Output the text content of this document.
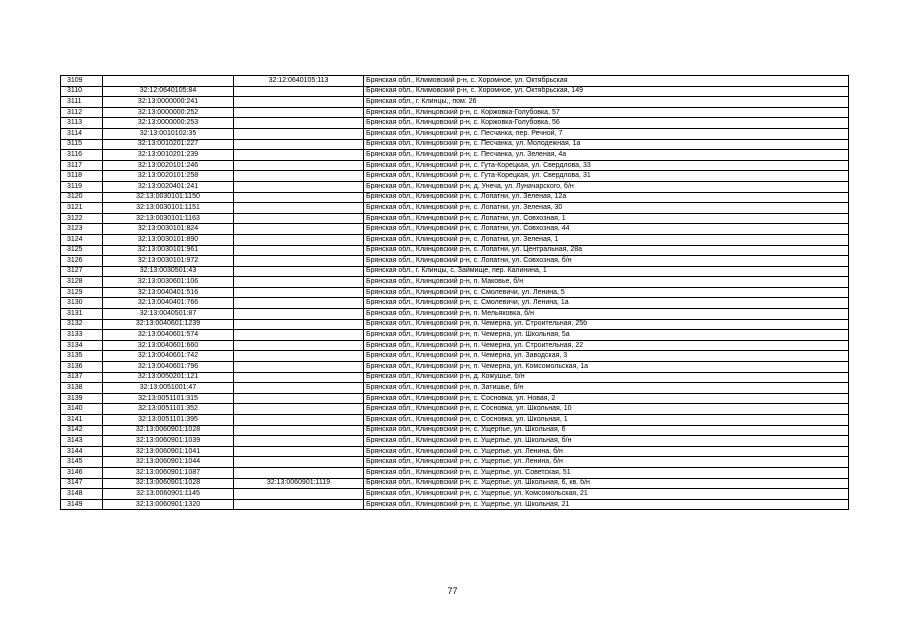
3109		32:12:0640105:113	Брянская обл., Климовский р-н, с. Хоромное, ул. Октябрьская
3110	32:12:0640105:84		Брянская обл., Климовский р-н, с. Хоромное, ул. Октябрьская, 149
3111	32:13:0000000:241		Брянская обл., г. Клинцы,, пом. 26
3112	32:13:0000000:252		Брянская обл., Клинцовский р-н, с. Коржовка-Голубовка, 57
3113	32:13:0000000:253		Брянская обл., Клинцовский р-н, с. Коржовка-Голубовка, 56
3114	32:13:0010102:35		Брянская обл., Клинцовский р-н, с. Песчанка, пер. Речной, 7
3115	32:13:0010201:227		Брянская обл., Клинцовский р-н, с. Песчанка, ул. Молодежная, 1а
3116	32:13:0010201:239		Брянская обл., Клинцовский р-н, с. Песчанка, ул. Зеленая, 4а
3117	32:13:0020101:246		Брянская обл., Клинцовский р-н, с. Гута-Корецкая, ул. Свердлова, 33
3118	32:13:0020101:258		Брянская обл., Клинцовский р-н, с. Гута-Корецкая, ул. Свердлова, 31
3119	32:13:0020401:241		Брянская обл., Клинцовский р-н, д. Унеча, ул. Луначарского, б/н
3120	32:13:0030101:1150		Брянская обл., Клинцовский р-н, с. Лопатни, ул. Зеленая, 12а
3121	32:13:0030101:1151		Брянская обл., Клинцовский р-н, с. Лопатни, ул. Зеленая, 30
3122	32:13:0030101:1163		Брянская обл., Клинцовский р-н, с. Лопатни, ул. Совхозная, 1
3123	32:13:0030101:824		Брянская обл., Клинцовский р-н, с. Лопатни, ул. Совхозная, 44
3124	32:13:0030101:890		Брянская обл., Клинцовский р-н, с. Лопатни, ул. Зеленая, 1
3125	32:13:0030101:961		Брянская обл., Клинцовский р-н, с. Лопатни, ул. Центральная, 28а
3126	32:13:0030101:972		Брянская обл., Клинцовский р-н, с. Лопатни, ул. Совхозная, б/н
3127	32:13:0030501:43		Брянская обл., г. Клинцы, с. Займище, пер. Калинина, 1
3128	32:13:0030601:106		Брянская обл., Клинцовский р-н, п. Маковье, б/н
3129	32:13:0040401:516		Брянская обл., Клинцовский р-н, с. Смолевичи, ул. Ленина, 5
3130	32:13:0040401:766		Брянская обл., Клинцовский р-н, с. Смолевичи, ул. Ленина, 1а
3131	32:13:0040501:87		Брянская обл., Клинцовский р-н, п. Мельяковка, б/н
3132	32:13:0040601:1239		Брянская обл., Клинцовский р-н, п. Чемерна, ул. Строительная, 25б
3133	32:13:0040601:574		Брянская обл., Клинцовский р-н, п. Чемерна, ул. Школьная, 5а
3134	32:13:0040601:660		Брянская обл., Клинцовский р-н, п. Чемерна, ул. Строительная, 22
3135	32:13:0040601:742		Брянская обл., Клинцовский р-н, п. Чемерна, ул. Заводская, 3
3136	32:13:0040601:796		Брянская обл., Клинцовский р-н, п. Чемерна, ул. Комсомольская, 1а
3137	32:13:0050201:121		Брянская обл., Клинцовский р-н, д. Кожушье, б/н
3138	32:13:0051001:47		Брянская обл., Клинцовский р-н, п. Затишье, б/н
3139	32:13:0051101:315		Брянская обл., Клинцовский р-н, с. Сосновка, ул. Новая, 2
3140	32:13:0051101:352		Брянская обл., Клинцовский р-н, с. Сосновка, ул. Школьная, 10
3141	32:13:0051101:395		Брянская обл., Клинцовский р-н, с. Сосновка, ул. Школьная, 1
3142	32:13:0060901:1028		Брянская обл., Клинцовский р-н, с. Ущерпье, ул. Школьная, 6
3143	32:13:0060901:1039		Брянская обл., Клинцовский р-н, с. Ущерпье, ул. Школьная, б/н
3144	32:13:0060901:1041		Брянская обл., Клинцовский р-н, с. Ущерпье, ул. Ленина, б/н
3145	32:13:0060901:1044		Брянская обл., Клинцовский р-н, с. Ущерпье, ул. Ленина, б/н
3146	32:13:0060901:1087		Брянская обл., Клинцовский р-н, с. Ущерпье, ул. Советская, 51
3147	32:13:0060901:1028	32:13:0060901:1119	Брянская обл., Клинцовский р-н, с. Ущерпье, ул. Школьная, 6, кв. б/н
3148	32:13:0060901:1145		Брянская обл., Клинцовский р-н, с. Ущерпье, ул. Комсомольская, 21
3149	32:13:0060901:1320		Брянская обл., Клинцовский р-н, с. Ущерпье, ул. Школьная, 21
77
